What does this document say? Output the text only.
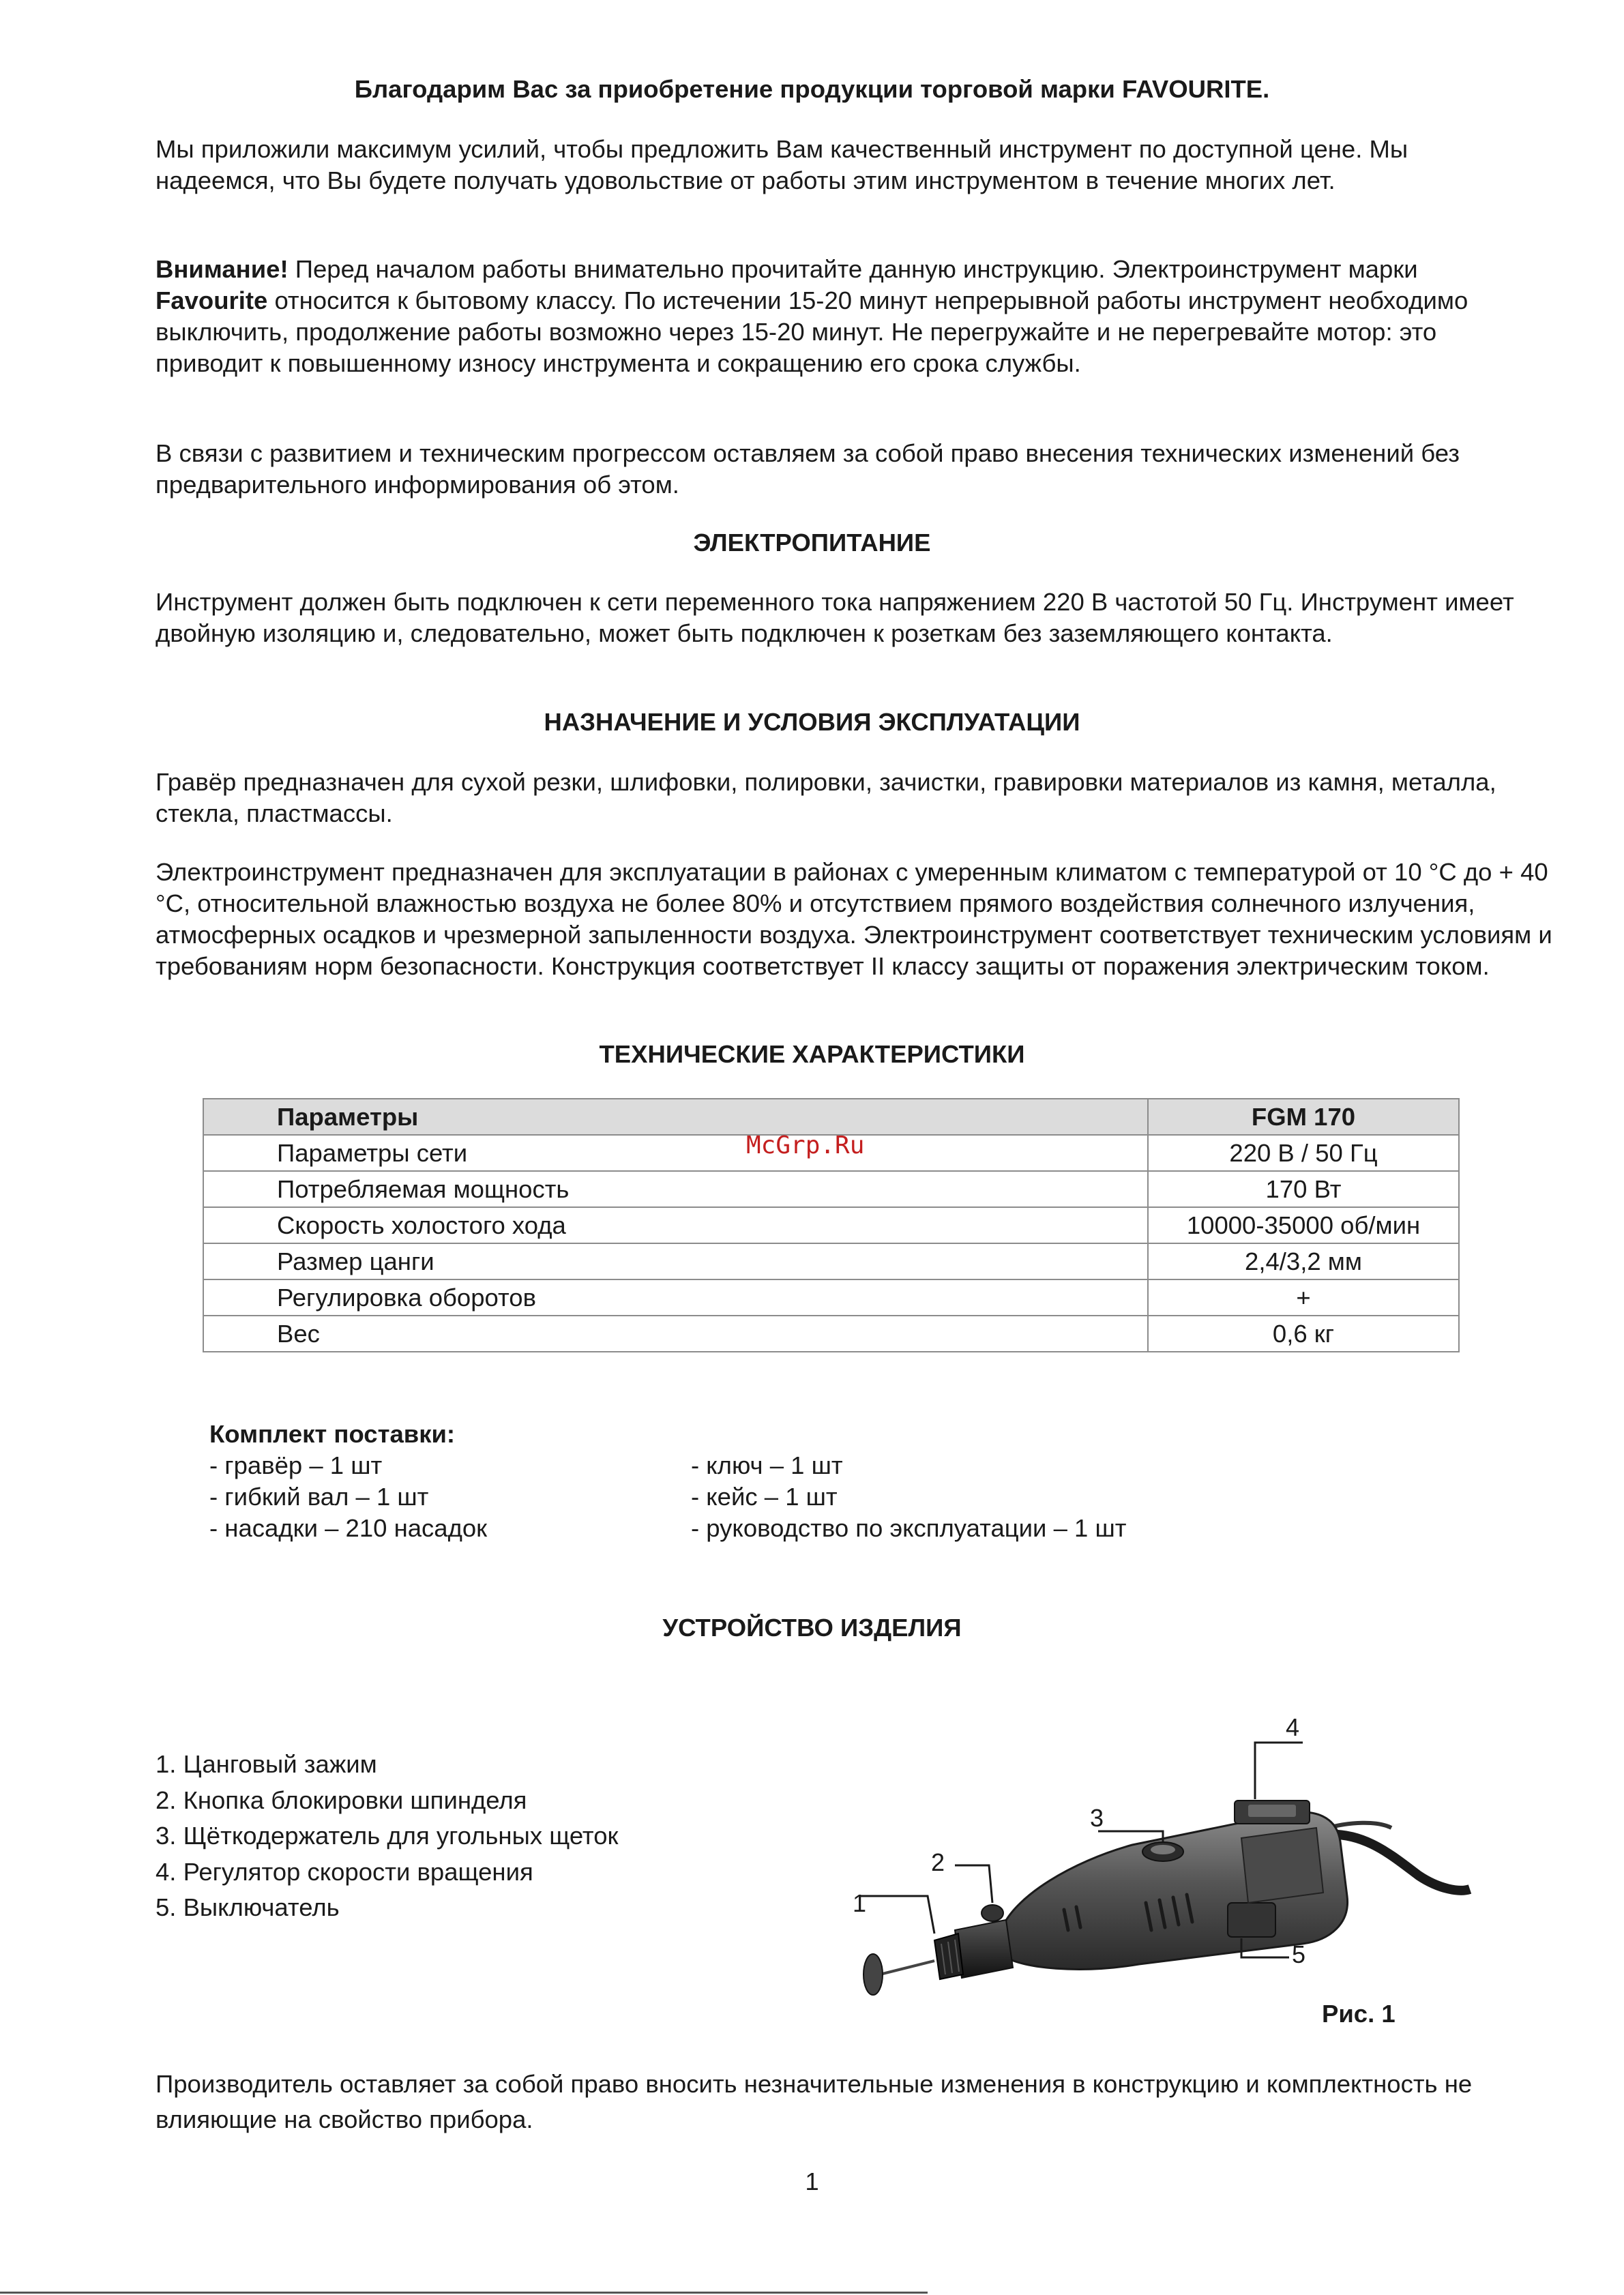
Благодарим Вас за приобретение продукции торговой марки FAVOURITE.

Мы приложили максимум усилий, чтобы предложить Вам качественный инструмент по доступной цене. Мы надеемся, что Вы будете получать удовольствие от работы этим инструментом в течение многих лет.

Внимание! Перед началом работы внимательно прочитайте данную инструкцию. Электроинструмент марки Favourite относится к бытовому классу. По истечении 15-20 минут непрерывной работы инструмент необходимо выключить, продолжение работы возможно через 15-20 минут. Не перегружайте и не перегревайте мотор: это приводит к повышенному износу инструмента и сокращению его срока службы.

В связи с развитием и техническим прогрессом оставляем за собой право внесения технических изменений без предварительного информирования об этом.

ЭЛЕКТРОПИТАНИЕ

Инструмент должен быть подключен к сети переменного тока напряжением 220 В частотой 50 Гц. Инструмент имеет двойную изоляцию и, следовательно, может быть подключен к розеткам без заземляющего контакта.

НАЗНАЧЕНИЕ И УСЛОВИЯ ЭКСПЛУАТАЦИИ

Гравёр предназначен для сухой резки, шлифовки, полировки, зачистки, гравировки материалов из камня, металла, стекла, пластмассы.

Электроинструмент предназначен для эксплуатации в районах с умеренным климатом с температурой от 10 °С до + 40 °С, относительной влажностью воздуха не более 80% и отсутствием прямого воздействия солнечного излучения, атмосферных осадков и чрезмерной запыленности воздуха. Электроинструмент соответствует техническим условиям и требованиям норм безопасности. Конструкция соответствует II классу защиты от поражения электрическим током.

ТЕХНИЧЕСКИЕ ХАРАКТЕРИСТИКИ
Параметры	FGM 170
Параметры сети	220 В / 50 Гц
Потребляемая мощность	170 Вт
Скорость холостого хода	10000-35000 об/мин
Размер цанги	2,4/3,2 мм
Регулировка оборотов	+
Вес	0,6 кг
McGrp.Ru
Комплект поставки:
- гравёр – 1 шт
- гибкий вал – 1 шт
- насадки – 210 насадок
- ключ – 1 шт
- кейс – 1 шт
- руководство по эксплуатации – 1 шт
УСТРОЙСТВО ИЗДЕЛИЯ
1. Цанговый зажим
2. Кнопка блокировки шпинделя
3. Щёткодержатель для угольных щеток
4. Регулятор скорости вращения
5. Выключатель	1
2
3
4
5
Рис. 1

Производитель оставляет за собой право вносить незначительные изменения в конструкцию и комплектность не влияющие на свойство прибора.

1
